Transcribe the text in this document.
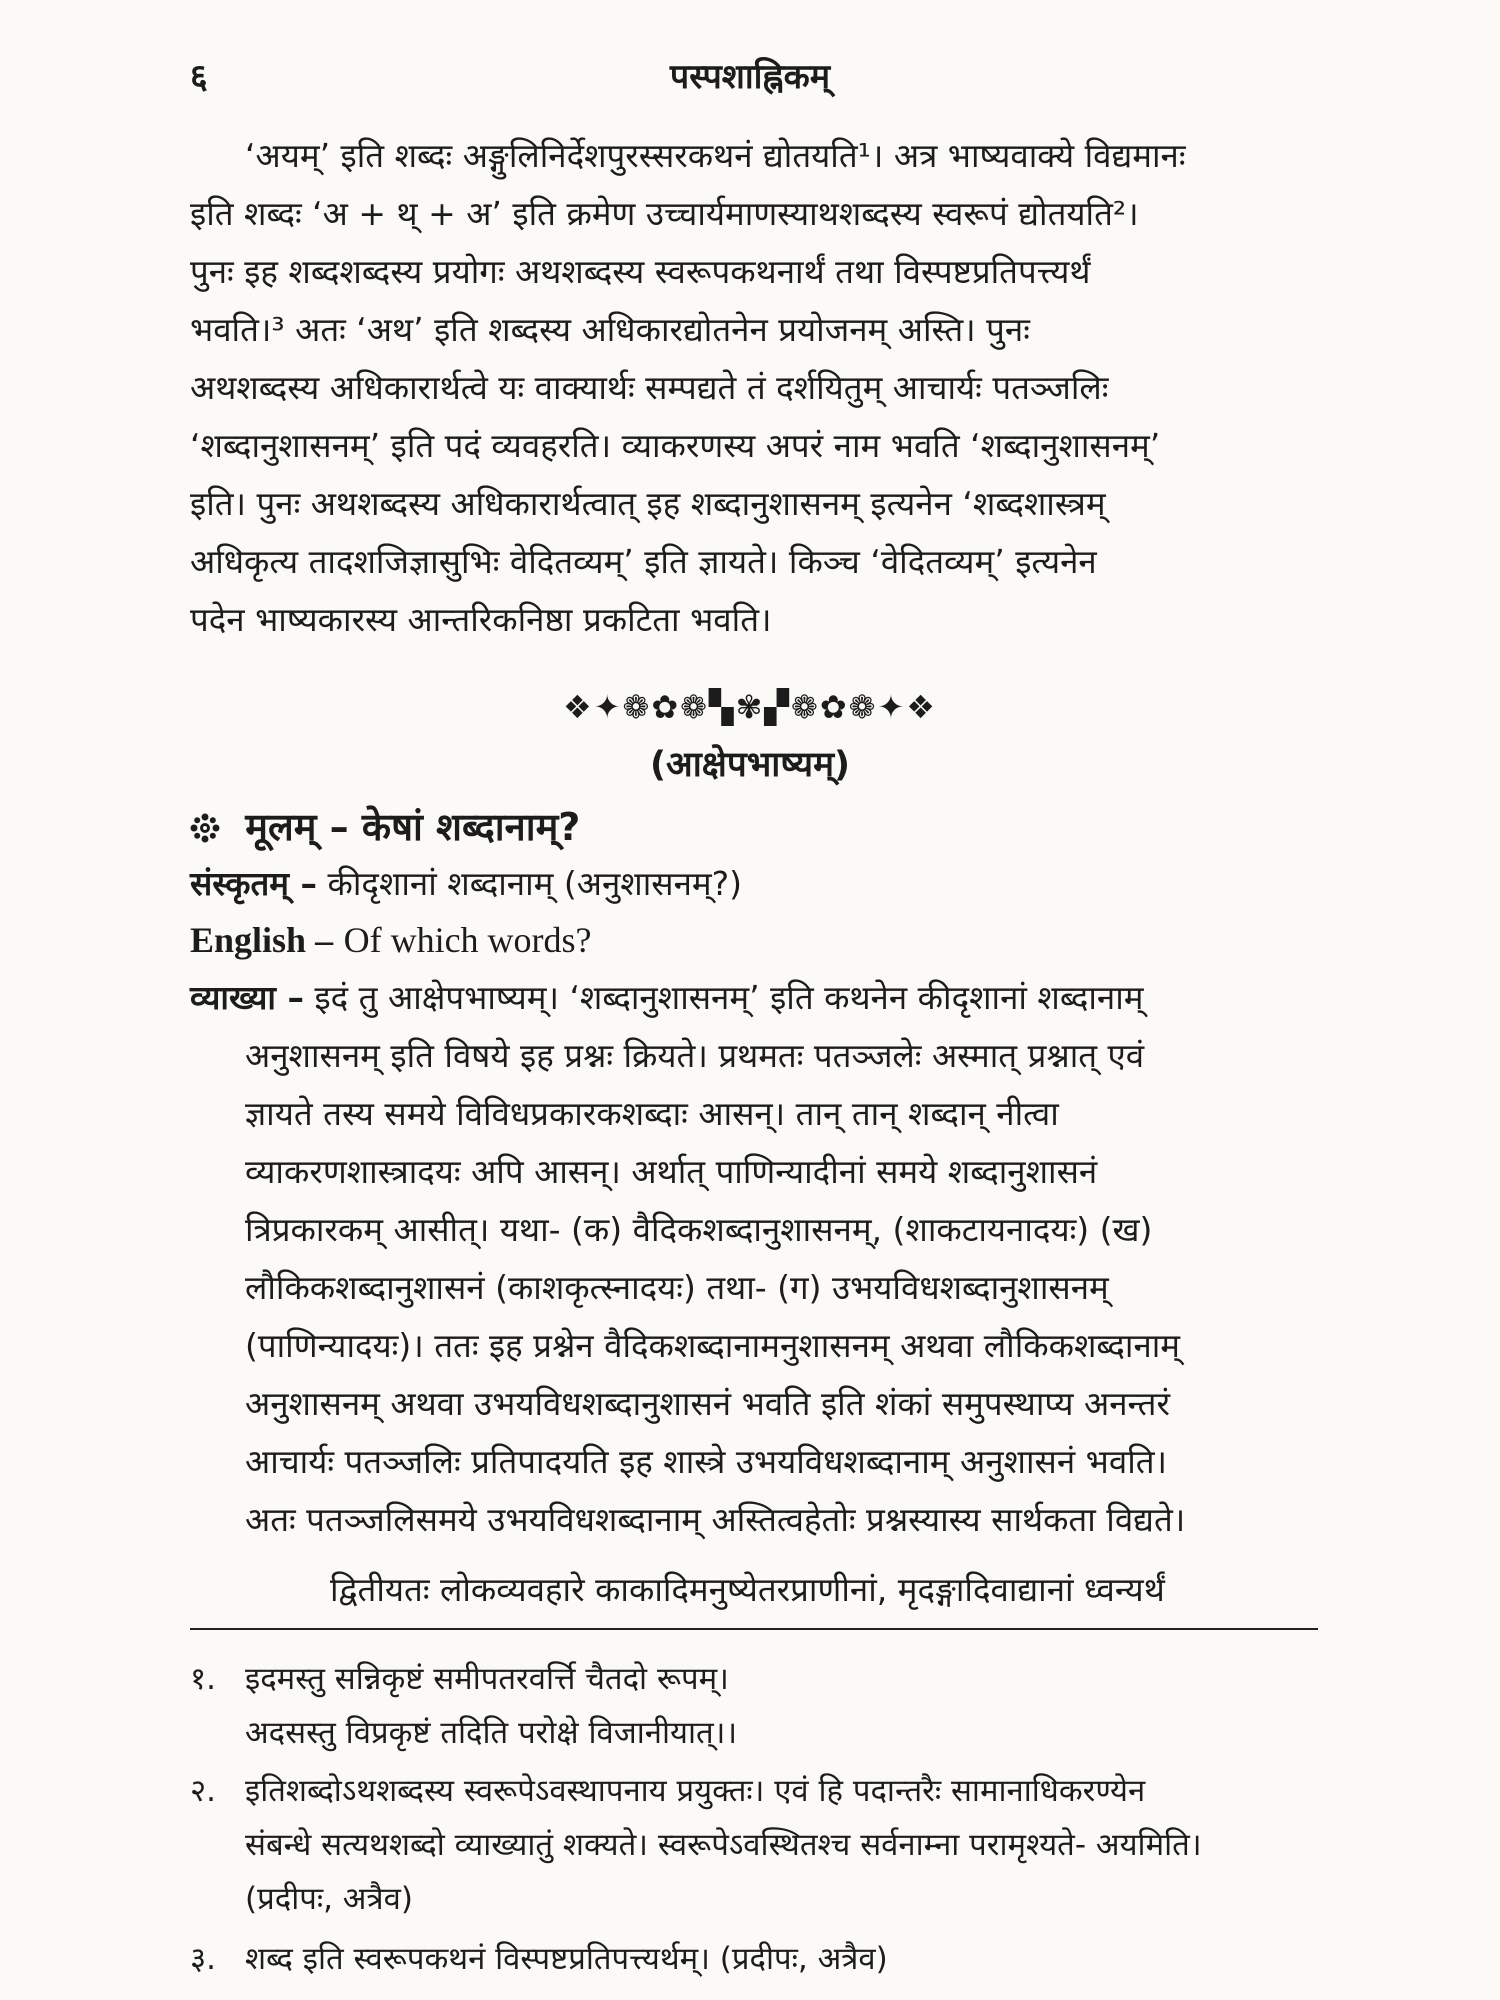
६	पस्पशाह्निकम्
‘अयम्’ इति शब्दः अङ्गुलिनिर्देशपुरस्सरकथनं द्योतयति¹। अत्र भाष्यवाक्ये विद्यमानः
इति शब्दः ‘अ + थ् + अ’ इति क्रमेण उच्चार्यमाणस्याथशब्दस्य स्वरूपं द्योतयति²।
पुनः इह शब्दशब्दस्य प्रयोगः अथशब्दस्य स्वरूपकथनार्थं तथा विस्पष्टप्रतिपत्त्यर्थं
भवति।³ अतः ‘अथ’ इति शब्दस्य अधिकारद्योतनेन प्रयोजनम् अस्ति। पुनः
अथशब्दस्य अधिकारार्थत्वे यः वाक्यार्थः सम्पद्यते तं दर्शयितुम् आचार्यः पतञ्जलिः
‘शब्दानुशासनम्’ इति पदं व्यवहरति। व्याकरणस्य अपरं नाम भवति ‘शब्दानुशासनम्’
इति। पुनः अथशब्दस्य अधिकारार्थत्वात् इह शब्दानुशासनम् इत्यनेन ‘शब्दशास्त्रम्
अधिकृत्य तादशजिज्ञासुभिः वेदितव्यम्’ इति ज्ञायते। किञ्च ‘वेदितव्यम्’ इत्यनेन
पदेन भाष्यकारस्य आन्तरिकनिष्ठा प्रकटिता भवति।
❖✦❁✿❁▚✾▞❁✿❁✦❖
(आक्षेपभाष्यम्)
मूलम् – केषां शब्दानाम्?
संस्कृतम् – कीदृशानां शब्दानाम् (अनुशासनम्?)
English – Of which words?
व्याख्या – इदं तु आक्षेपभाष्यम्। ‘शब्दानुशासनम्’ इति कथनेन कीदृशानां शब्दानाम्
अनुशासनम् इति विषये इह प्रश्नः क्रियते। प्रथमतः पतञ्जलेः अस्मात् प्रश्नात् एवं
ज्ञायते तस्य समये विविधप्रकारकशब्दाः आसन्। तान् तान् शब्दान् नीत्वा
व्याकरणशास्त्रादयः अपि आसन्। अर्थात् पाणिन्यादीनां समये शब्दानुशासनं
त्रिप्रकारकम् आसीत्। यथा- (क) वैदिकशब्दानुशासनम्, (शाकटायनादयः) (ख)
लौकिकशब्दानुशासनं (काशकृत्स्नादयः) तथा- (ग) उभयविधशब्दानुशासनम्
(पाणिन्यादयः)। ततः इह प्रश्नेन वैदिकशब्दानामनुशासनम् अथवा लौकिकशब्दानाम्
अनुशासनम् अथवा उभयविधशब्दानुशासनं भवति इति शंकां समुपस्थाप्य अनन्तरं
आचार्यः पतञ्जलिः प्रतिपादयति इह शास्त्रे उभयविधशब्दानाम् अनुशासनं भवति।
अतः पतञ्जलिसमये उभयविधशब्दानाम् अस्तित्वहेतोः प्रश्नस्यास्य सार्थकता विद्यते।
द्वितीयतः लोकव्यवहारे काकादिमनुष्येतरप्राणीनां, मृदङ्गादिवाद्यानां ध्वन्यर्थं
१. इदमस्तु सन्निकृष्टं समीपतरवर्त्ति चैतदो रूपम्।
अदसस्तु विप्रकृष्टं तदिति परोक्षे विजानीयात्।।
२. इतिशब्दोऽथशब्दस्य स्वरूपेऽवस्थापनाय प्रयुक्तः। एवं हि पदान्तरैः सामानाधिकरण्येन
संबन्धे सत्यथशब्दो व्याख्यातुं शक्यते। स्वरूपेऽवस्थितश्च सर्वनाम्ना परामृश्यते- अयमिति।
(प्रदीपः, अत्रैव)
३. शब्द इति स्वरूपकथनं विस्पष्टप्रतिपत्त्यर्थम्। (प्रदीपः, अत्रैव)
